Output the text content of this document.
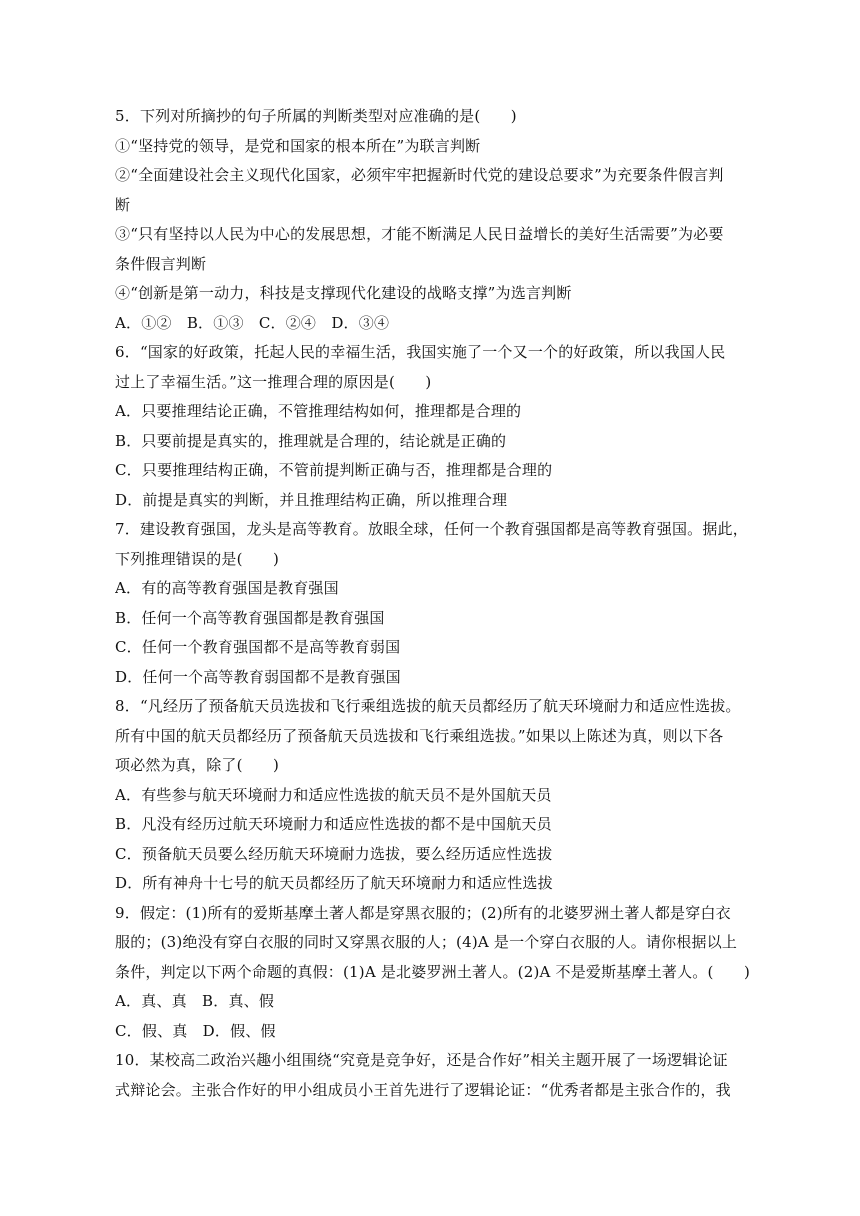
5．下列对所摘抄的句子所属的判断类型对应准确的是(　　)
①“坚持党的领导，是党和国家的根本所在”为联言判断
②“全面建设社会主义现代化国家，必须牢牢把握新时代党的建设总要求”为充要条件假言判
断
③“只有坚持以人民为中心的发展思想，才能不断满足人民日益增长的美好生活需要”为必要
条件假言判断
④“创新是第一动力，科技是支撑现代化建设的战略支撑”为选言判断
A．①②　B．①③　C．②④　D．③④
6．“国家的好政策，托起人民的幸福生活，我国实施了一个又一个的好政策，所以我国人民
过上了幸福生活。”这一推理合理的原因是(　　)
A．只要推理结论正确，不管推理结构如何，推理都是合理的
B．只要前提是真实的，推理就是合理的，结论就是正确的
C．只要推理结构正确，不管前提判断正确与否，推理都是合理的
D．前提是真实的判断，并且推理结构正确，所以推理合理
7．建设教育强国，龙头是高等教育。放眼全球，任何一个教育强国都是高等教育强国。据此，
下列推理错误的是(　　)
A．有的高等教育强国是教育强国
B．任何一个高等教育强国都是教育强国
C．任何一个教育强国都不是高等教育弱国
D．任何一个高等教育弱国都不是教育强国
8．“凡经历了预备航天员选拔和飞行乘组选拔的航天员都经历了航天环境耐力和适应性选拔。
所有中国的航天员都经历了预备航天员选拔和飞行乘组选拔。”如果以上陈述为真，则以下各
项必然为真，除了(　　)
A．有些参与航天环境耐力和适应性选拔的航天员不是外国航天员
B．凡没有经历过航天环境耐力和适应性选拔的都不是中国航天员
C．预备航天员要么经历航天环境耐力选拔，要么经历适应性选拔
D．所有神舟十七号的航天员都经历了航天环境耐力和适应性选拔
9．假定：(1)所有的爱斯基摩土著人都是穿黑衣服的；(2)所有的北婆罗洲土著人都是穿白衣
服的；(3)绝没有穿白衣服的同时又穿黑衣服的人；(4)A 是一个穿白衣服的人。请你根据以上
条件，判定以下两个命题的真假：(1)A 是北婆罗洲土著人。(2)A 不是爱斯基摩土著人。(　　)
A．真、真　B．真、假
C．假、真　D．假、假
10．某校高二政治兴趣小组围绕“究竟是竞争好，还是合作好”相关主题开展了一场逻辑论证
式辩论会。主张合作好的甲小组成员小王首先进行了逻辑论证：“优秀者都是主张合作的，我
